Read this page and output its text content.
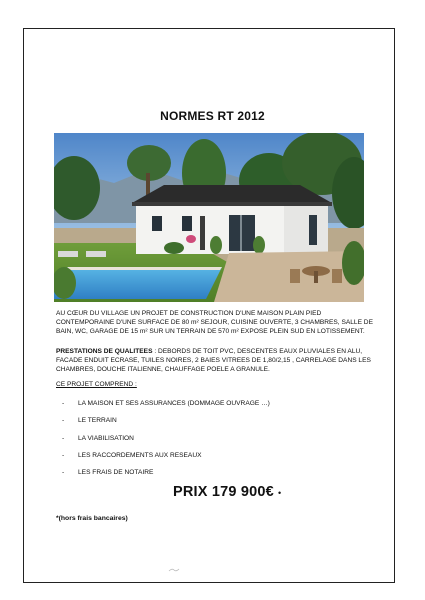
NORMES RT 2012
AU CŒUR DU VILLAGE UN PROJET DE CONSTRUCTION D'UNE MAISON PLAIN PIED CONTEMPORAINE D'UNE SURFACE DE 80 m² SEJOUR, CUISINE OUVERTE, 3 CHAMBRES, SALLE DE BAIN, WC, GARAGE DE 15 m² SUR UN TERRAIN DE 570 m² EXPOSE PLEIN SUD EN LOTISSEMENT.
PRESTATIONS DE QUALITEES : DEBORDS DE TOIT PVC, DESCENTES EAUX PLUVIALES EN ALU, FACADE ENDUIT ECRASE, TUILES NOIRES, 2 BAIES VITREES DE 1,80/2,15 , CARRELAGE DANS LES CHAMBRES, DOUCHE ITALIENNE, CHAUFFAGE POELE A GRANULE.
CE PROJET COMPREND :
- LA MAISON ET SES ASSURANCES (DOMMAGE OUVRAGE …)
- LE TERRAIN
- LA VIABILISATION
- LES RACCORDEMENTS AUX RESEAUX
- LES FRAIS DE NOTAIRE
PRIX 179 900€ •
*(hors frais bancaires)
